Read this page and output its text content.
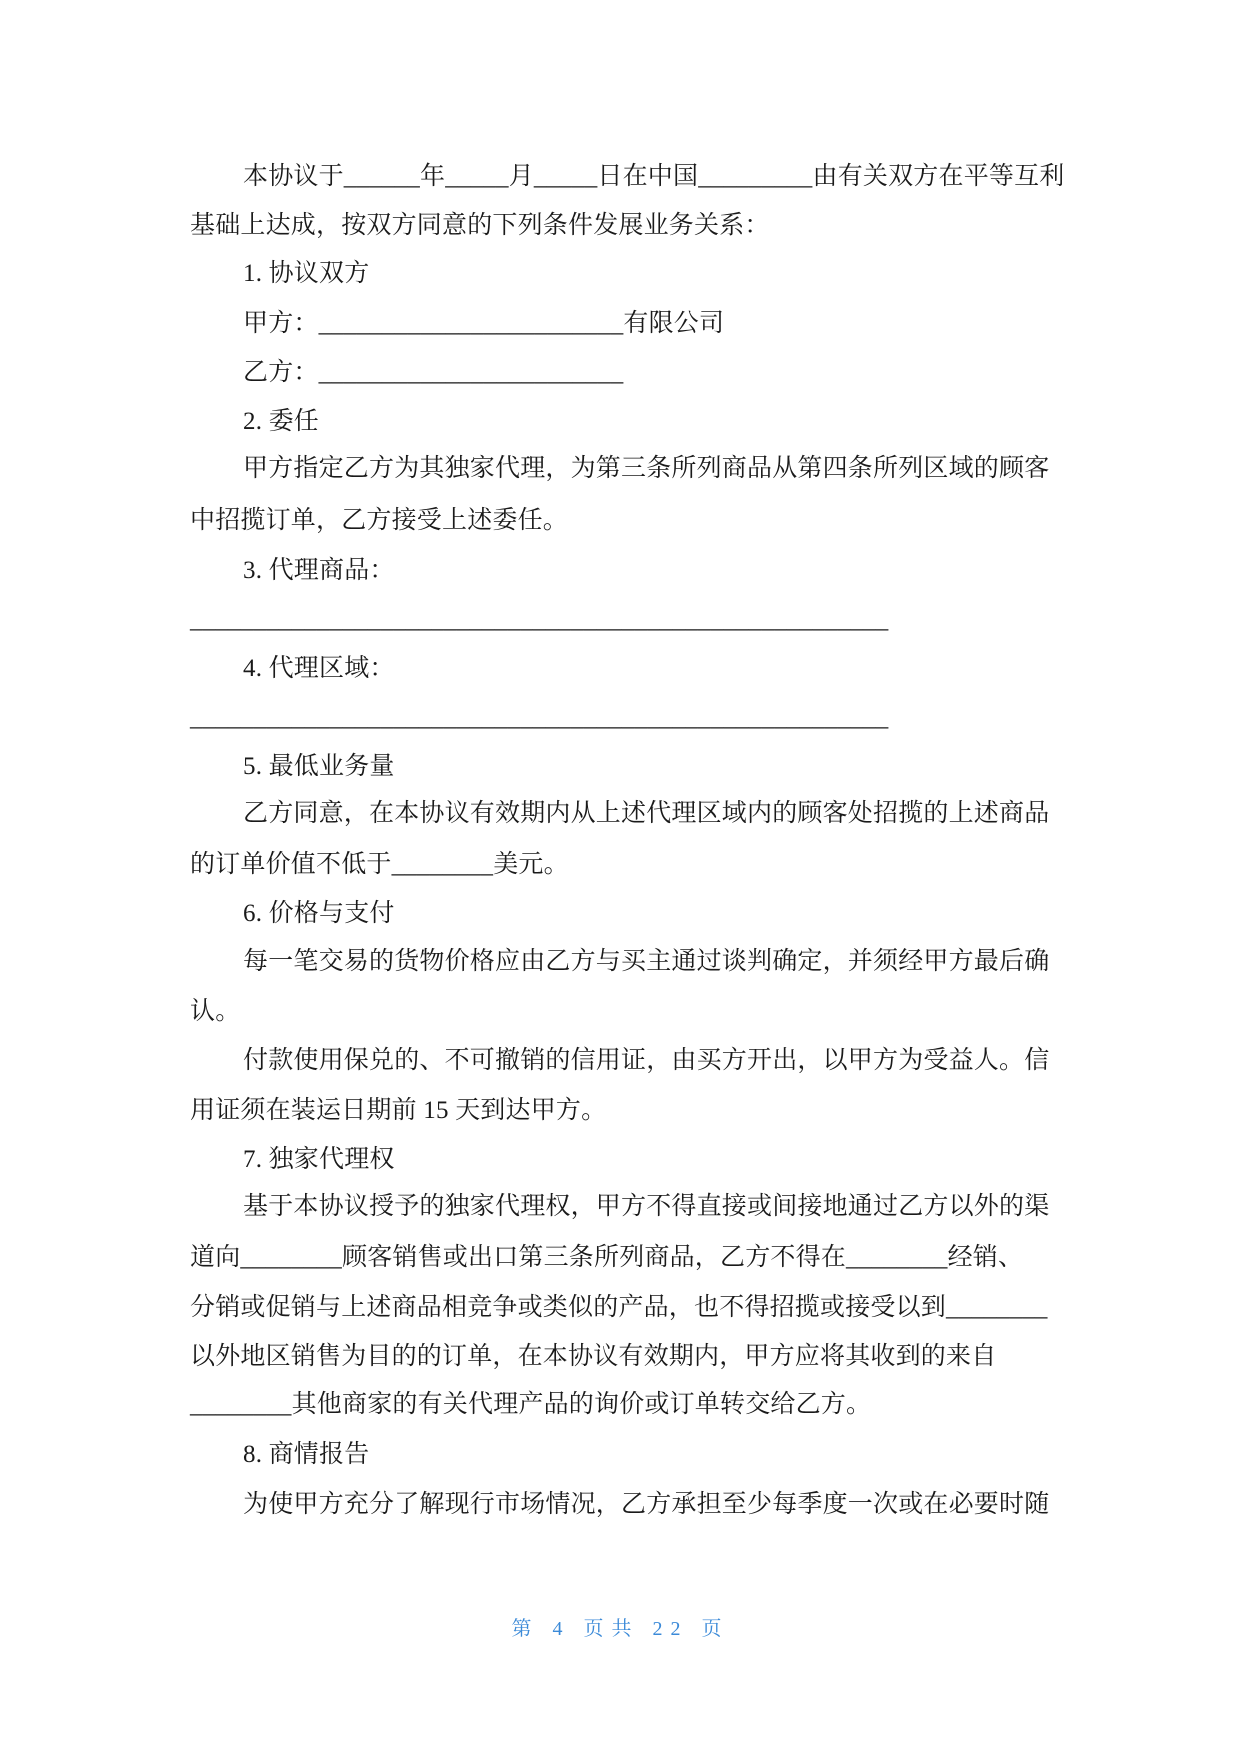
本协议于______年_____月_____日在中国_________由有关双方在平等互利
基础上达成，按双方同意的下列条件发展业务关系：
1. 协议双方
甲方：________________________有限公司
乙方：________________________
2. 委任
甲方指定乙方为其独家代理，为第三条所列商品从第四条所列区域的顾客
中招揽订单，乙方接受上述委任。
3. 代理商品：
_______________________________________________________
4. 代理区域：
_______________________________________________________
5. 最低业务量
乙方同意，在本协议有效期内从上述代理区域内的顾客处招揽的上述商品
的订单价值不低于________美元。
6. 价格与支付
每一笔交易的货物价格应由乙方与买主通过谈判确定，并须经甲方最后确
认。
付款使用保兑的、不可撤销的信用证，由买方开出，以甲方为受益人。信
用证须在装运日期前 15 天到达甲方。
7. 独家代理权
基于本协议授予的独家代理权，甲方不得直接或间接地通过乙方以外的渠
道向________顾客销售或出口第三条所列商品，乙方不得在________经销、
分销或促销与上述商品相竞争或类似的产品，也不得招揽或接受以到________
以外地区销售为目的的订单，在本协议有效期内，甲方应将其收到的来自
________其他商家的有关代理产品的询价或订单转交给乙方。
8. 商情报告
为使甲方充分了解现行市场情况，乙方承担至少每季度一次或在必要时随
第 4 页共 22 页
